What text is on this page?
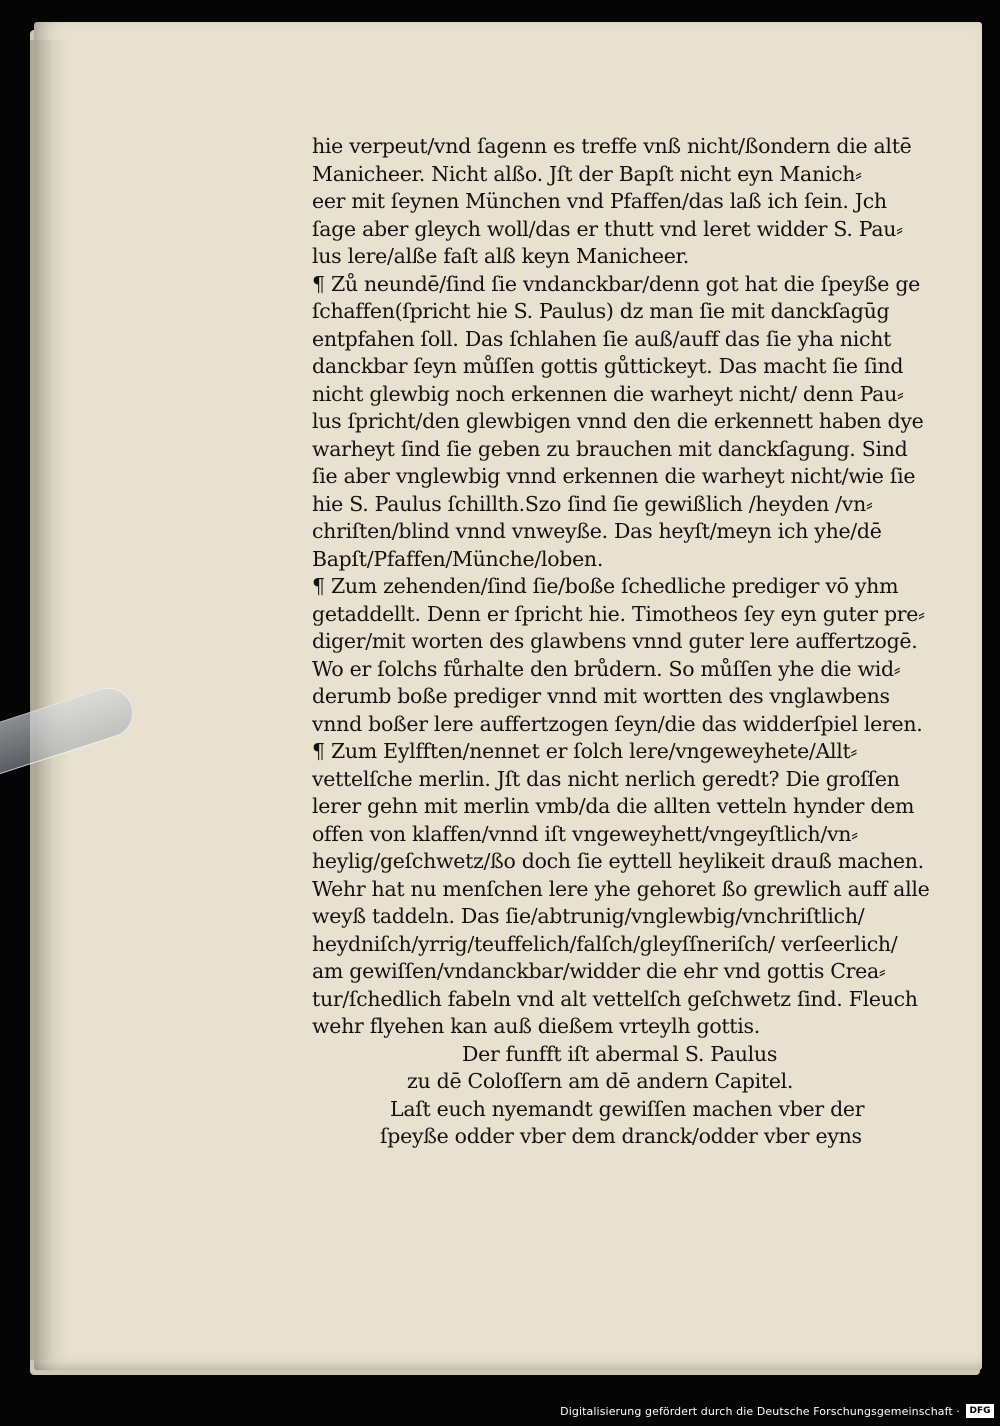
hie verpeut/vnd ſagenn es treffe vnß nicht/ßondern die altē
Manicheer. Nicht alßo. Jſt der Bapſt nicht eyn Manich⸗
eer mit ſeynen München vnd Pfaffen/das laß ich ſein. Jch
ſage aber gleych woll/das er thutt vnd leret widder S. Pau⸗
lus lere/alße faſt alß keyn Manicheer.
¶ Zů neundē/ſind ſie vndanckbar/denn got hat die ſpeyße ge
ſchaffen(ſpricht hie S. Paulus) dz man ſie mit danckſagūg
entpfahen ſoll. Das ſchlahen ſie auß/auff das ſie yha nicht
danckbar ſeyn můſſen gottis gůttickeyt. Das macht ſie ſind
nicht glewbig noch erkennen die warheyt nicht/ denn Pau⸗
lus ſpricht/den glewbigen vnnd den die erkennett haben dye
warheyt ſind ſie geben zu brauchen mit danckſagung. Sind
ſie aber vnglewbig vnnd erkennen die warheyt nicht/wie ſie
hie S. Paulus ſchillth.Szo ſind ſie gewißlich /heyden /vn⸗
chriſten/blind vnnd vnweyße. Das heyſt/meyn ich yhe/dē
Bapſt/Pfaffen/Münche/loben.
¶ Zum zehenden/ſind ſie/boße ſchedliche prediger vō yhm
getaddellt. Denn er ſpricht hie. Timotheos ſey eyn guter pre⸗
diger/mit worten des glawbens vnnd guter lere auffertzogē.
Wo er ſolchs fůrhalte den brůdern. So můſſen yhe die wid⸗
derumb boße prediger vnnd mit wortten des vnglawbens
vnnd boßer lere auffertzogen ſeyn/die das widderſpiel leren.
¶ Zum Eylfften/nennet er ſolch lere/vngeweyhete/Allt⸗
vettelſche merlin. Jſt das nicht nerlich geredt? Die groſſen
lerer gehn mit merlin vmb/da die allten vetteln hynder dem
offen von klaffen/vnnd iſt vngeweyhett/vngeyſtlich/vn⸗
heylig/geſchwetz/ßo doch ſie eyttell heylikeit drauß machen.
Wehr hat nu menſchen lere yhe gehoret ßo grewlich auff alle
weyß taddeln. Das ſie/abtrunig/vnglewbig/vnchriſtlich/
heydniſch/yrrig/teuffelich/falſch/gleyſſneriſch/ verſeerlich/
am gewiſſen/vndanckbar/widder die ehr vnd gottis Crea⸗
tur/ſchedlich fabeln vnd alt vettelſch geſchwetz ſind. Fleuch
wehr flyehen kan auß dießem vrteylh gottis.
Der funfft iſt abermal S. Paulus
zu dē Coloſſern am dē andern Capitel.
Laſt euch nyemandt gewiſſen machen vber der
ſpeyße odder vber dem dranck/odder vber eyns
Digitalisierung gefördert durch die Deutsche Forschungsgemeinschaft ·	DFG
